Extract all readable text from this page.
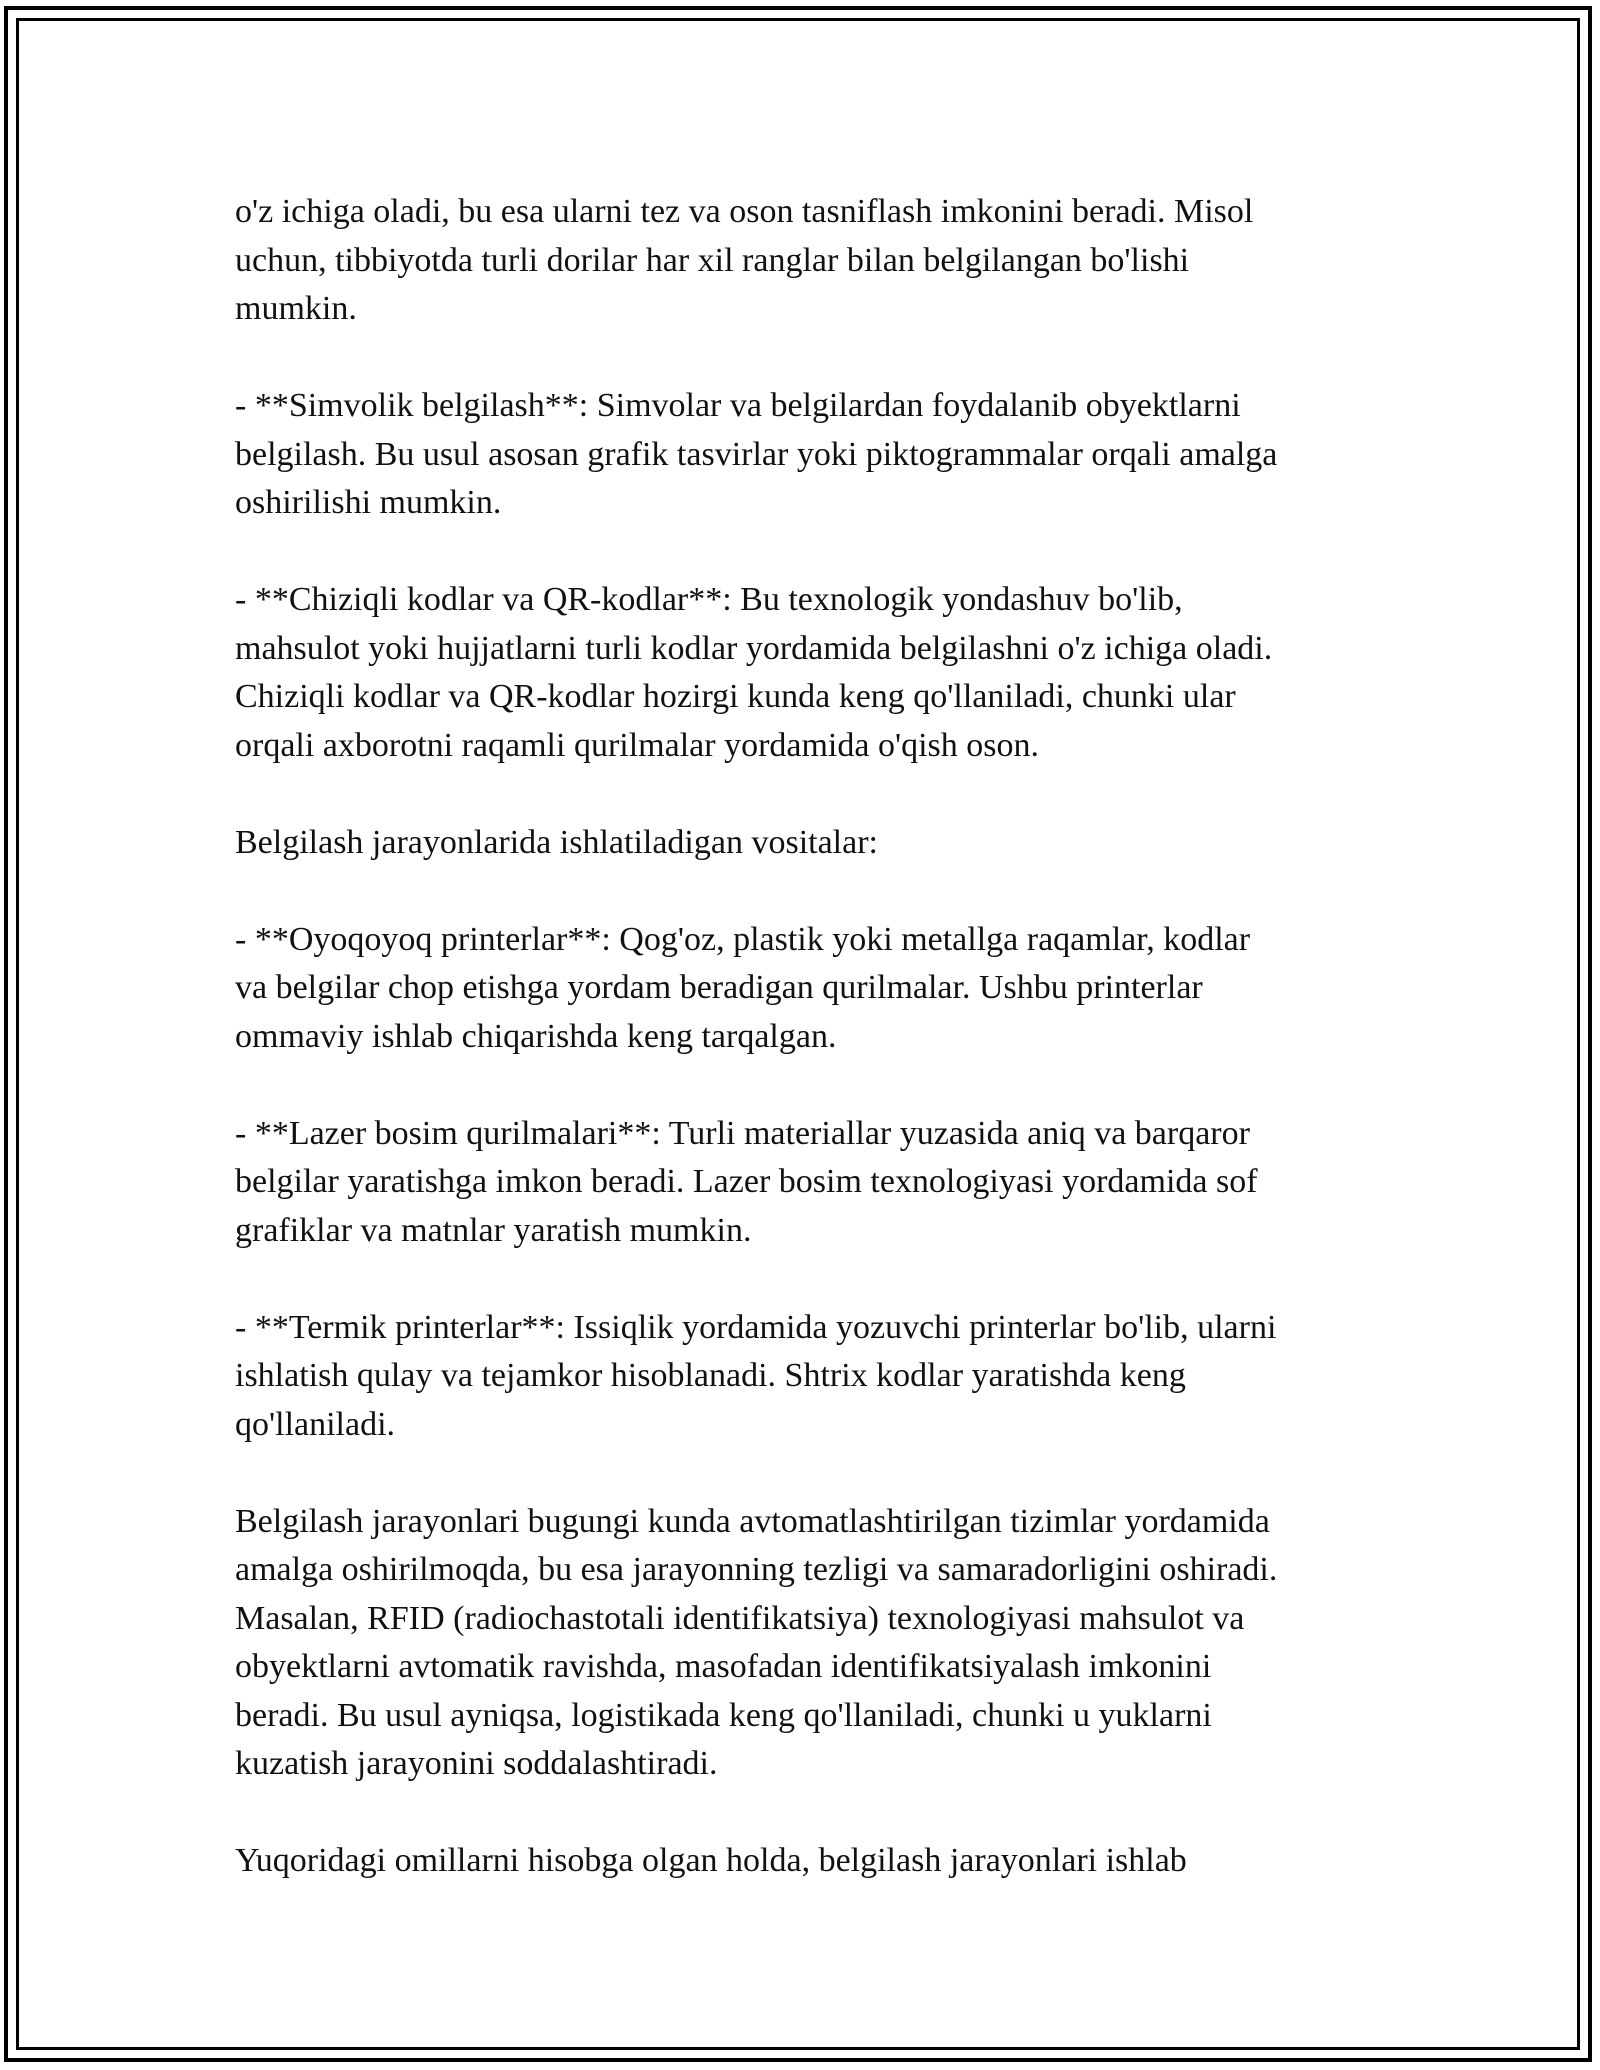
o'z ichiga oladi, bu esa ularni tez va oson tasniflash imkonini beradi. Misol
uchun, tibbiyotda turli dorilar har xil ranglar bilan belgilangan bo'lishi
mumkin.

- **Simvolik belgilash**: Simvolar va belgilardan foydalanib obyektlarni
belgilash. Bu usul asosan grafik tasvirlar yoki piktogrammalar orqali amalga
oshirilishi mumkin.

- **Chiziqli kodlar va QR-kodlar**: Bu texnologik yondashuv bo'lib,
mahsulot yoki hujjatlarni turli kodlar yordamida belgilashni o'z ichiga oladi.
Chiziqli kodlar va QR-kodlar hozirgi kunda keng qo'llaniladi, chunki ular
orqali axborotni raqamli qurilmalar yordamida o'qish oson.

Belgilash jarayonlarida ishlatiladigan vositalar:

- **Oyoqoyoq printerlar**: Qog'oz, plastik yoki metallga raqamlar, kodlar
va belgilar chop etishga yordam beradigan qurilmalar. Ushbu printerlar
ommaviy ishlab chiqarishda keng tarqalgan.

- **Lazer bosim qurilmalari**: Turli materiallar yuzasida aniq va barqaror
belgilar yaratishga imkon beradi. Lazer bosim texnologiyasi yordamida sof
grafiklar va matnlar yaratish mumkin.

- **Termik printerlar**: Issiqlik yordamida yozuvchi printerlar bo'lib, ularni
ishlatish qulay va tejamkor hisoblanadi. Shtrix kodlar yaratishda keng
qo'llaniladi.

Belgilash jarayonlari bugungi kunda avtomatlashtirilgan tizimlar yordamida
amalga oshirilmoqda, bu esa jarayonning tezligi va samaradorligini oshiradi.
Masalan, RFID (radiochastotali identifikatsiya) texnologiyasi mahsulot va
obyektlarni avtomatik ravishda, masofadan identifikatsiyalash imkonini
beradi. Bu usul ayniqsa, logistikada keng qo'llaniladi, chunki u yuklarni
kuzatish jarayonini soddalashtiradi.

Yuqoridagi omillarni hisobga olgan holda, belgilash jarayonlari ishlab
